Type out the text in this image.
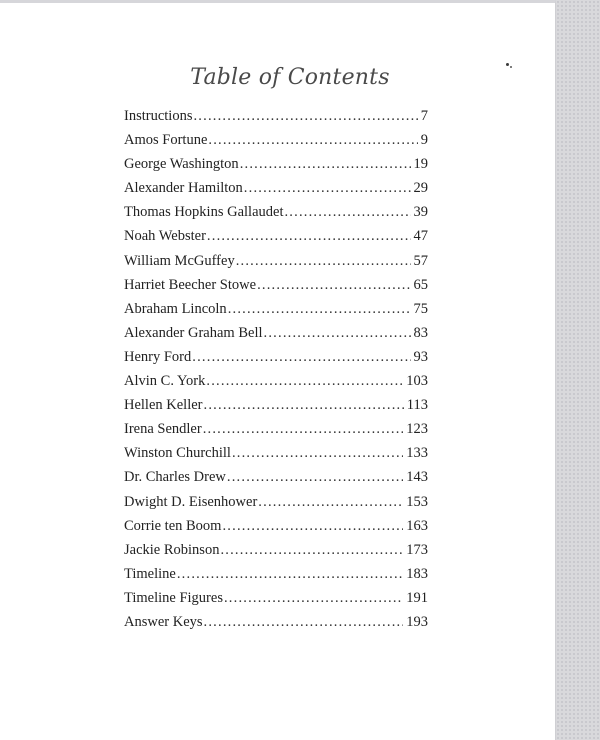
Table of Contents
Instructions .....	7
Amos Fortune .....	9
George Washington .....	19
Alexander Hamilton .....	29
Thomas Hopkins Gallaudet .....	39
Noah Webster .....	47
William McGuffey .....	57
Harriet Beecher Stowe .....	65
Abraham Lincoln .....	75
Alexander Graham Bell .....	83
Henry Ford .....	93
Alvin C. York .....	103
Hellen Keller .....	113
Irena Sendler .....	123
Winston Churchill .....	133
Dr. Charles Drew .....	143
Dwight D. Eisenhower .....	153
Corrie ten Boom .....	163
Jackie Robinson .....	173
Timeline .....	183
Timeline Figures .....	191
Answer Keys .....	193
